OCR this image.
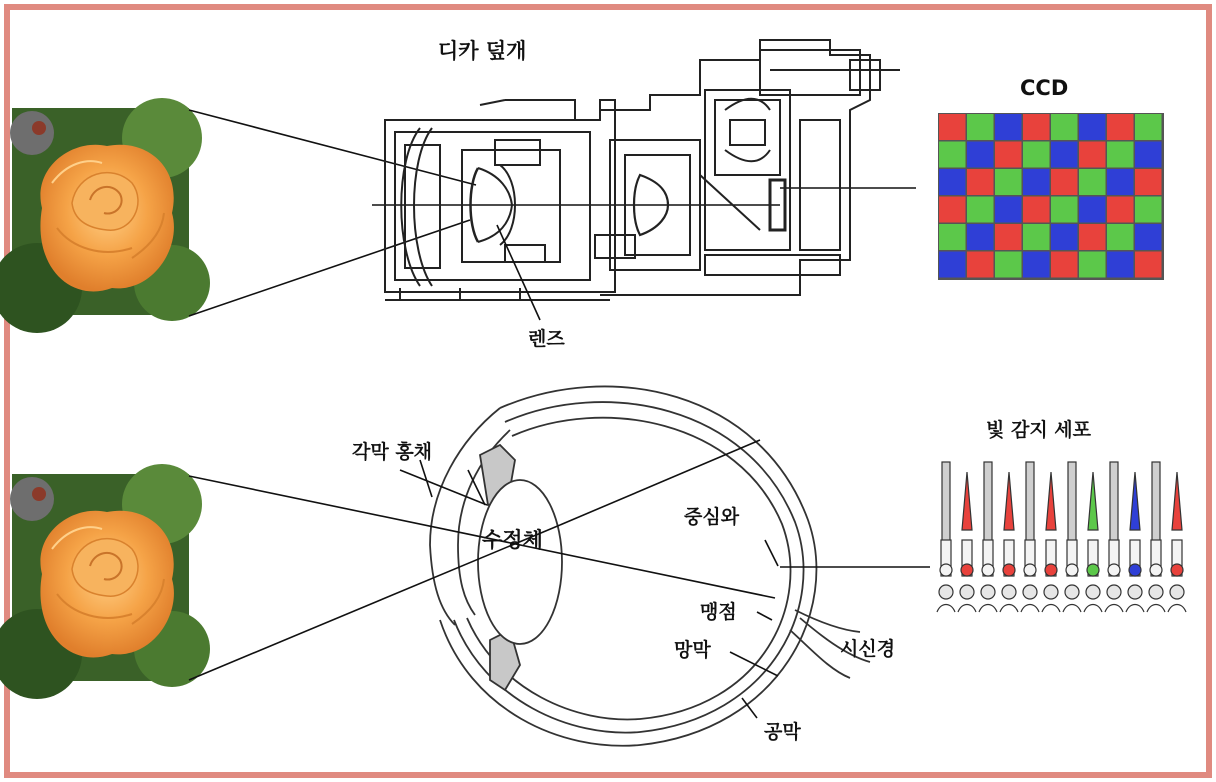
디카 덮개
렌즈
CCD
각막 홍채
수정체
중심와
맹점
망막	시신경
공막
빛 감지 세포
